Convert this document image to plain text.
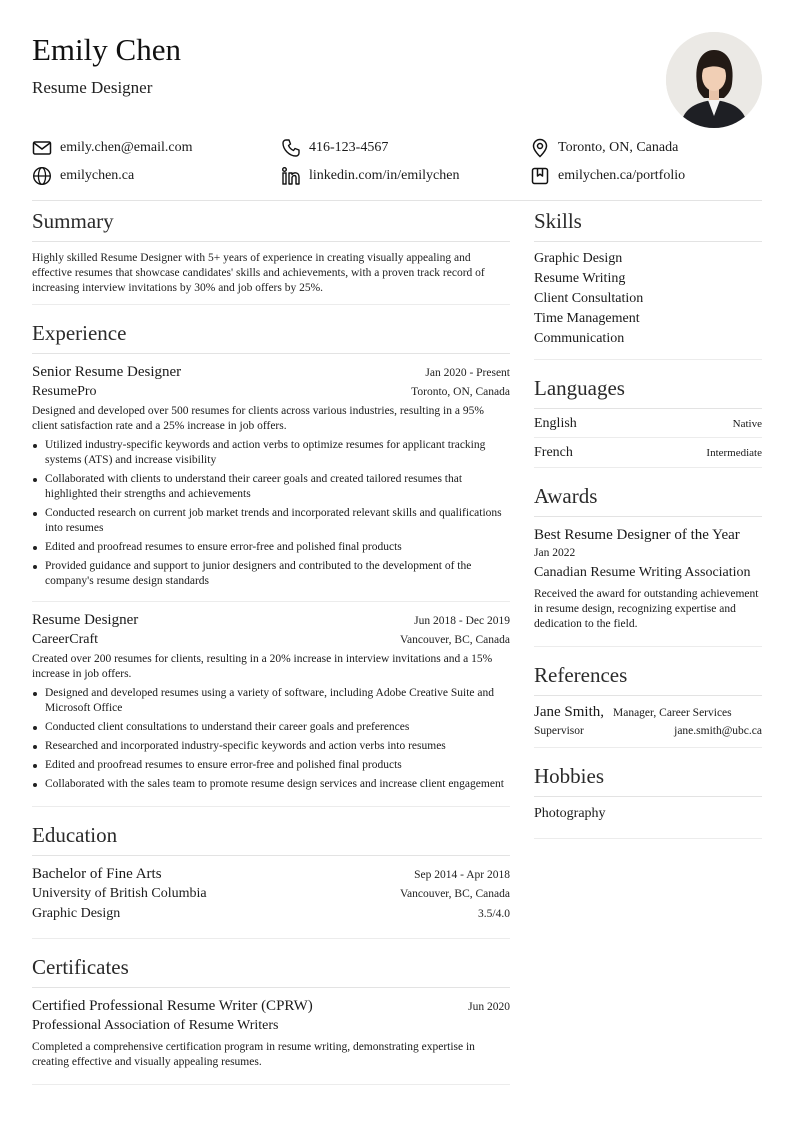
Emily Chen
Resume Designer
emily.chen@email.com	416-123-4567	Toronto, ON, Canada
emilychen.ca	linkedin.com/in/emilychen	emilychen.ca/portfolio
Summary
Highly skilled Resume Designer with 5+ years of experience in creating visually appealing and effective resumes that showcase candidates' skills and achievements, with a proven track record of increasing interview invitations by 30% and job offers by 25%.
Experience
Senior Resume Designer	Jan 2020 - Present
ResumePro	Toronto, ON, Canada
Designed and developed over 500 resumes for clients across various industries, resulting in a 95% client satisfaction rate and a 25% increase in job offers.
Utilized industry-specific keywords and action verbs to optimize resumes for applicant tracking systems (ATS) and increase visibility
Collaborated with clients to understand their career goals and created tailored resumes that highlighted their strengths and achievements
Conducted research on current job market trends and incorporated relevant skills and qualifications into resumes
Edited and proofread resumes to ensure error-free and polished final products
Provided guidance and support to junior designers and contributed to the development of the company's resume design standards
Resume Designer	Jun 2018 - Dec 2019
CareerCraft	Vancouver, BC, Canada
Created over 200 resumes for clients, resulting in a 20% increase in interview invitations and a 15% increase in job offers.
Designed and developed resumes using a variety of software, including Adobe Creative Suite and Microsoft Office
Conducted client consultations to understand their career goals and preferences
Researched and incorporated industry-specific keywords and action verbs into resumes
Edited and proofread resumes to ensure error-free and polished final products
Collaborated with the sales team to promote resume design services and increase client engagement
Education
Bachelor of Fine Arts	Sep 2014 - Apr 2018
University of British Columbia	Vancouver, BC, Canada
Graphic Design	3.5/4.0
Certificates
Certified Professional Resume Writer (CPRW)	Jun 2020
Professional Association of Resume Writers
Completed a comprehensive certification program in resume writing, demonstrating expertise in creating effective and visually appealing resumes.
Skills
Graphic Design
Resume Writing
Client Consultation
Time Management
Communication
Languages
English	Native
French	Intermediate
Awards
Best Resume Designer of the Year
Jan 2022
Canadian Resume Writing Association
Received the award for outstanding achievement in resume design, recognizing expertise and dedication to the field.
References
Jane Smith, Manager, Career Services
Supervisor	jane.smith@ubc.ca
Hobbies
Photography
